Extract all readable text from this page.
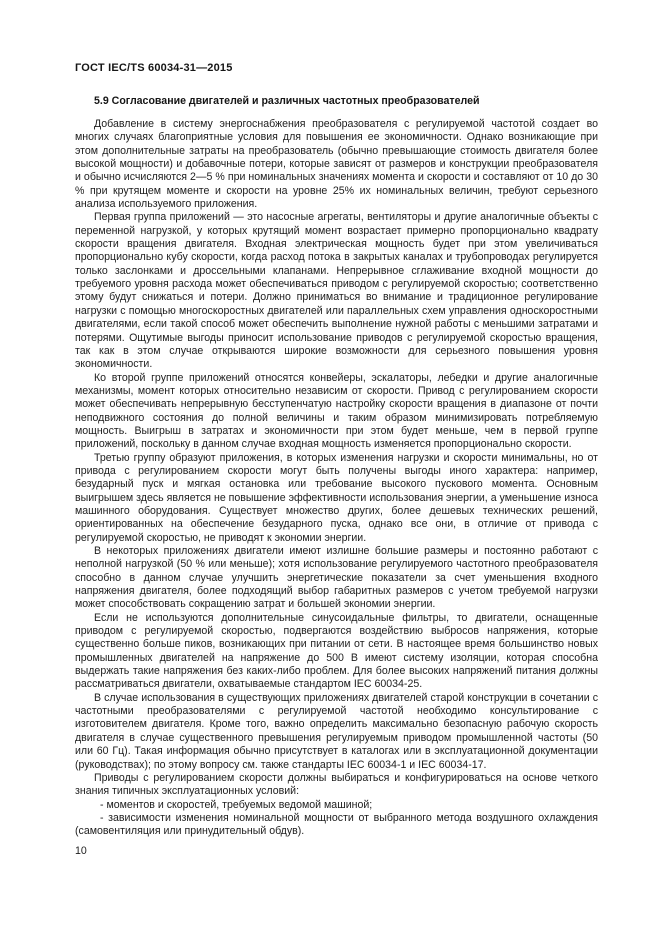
ГОСТ IEC/TS 60034-31—2015
5.9 Согласование двигателей и различных частотных преобразователей

Добавление в систему энергоснабжения преобразователя с регулируемой частотой создает во многих случаях благоприятные условия для повышения ее экономичности. Однако возникающие при этом дополнительные затраты на преобразователь (обычно превышающие стоимость двигателя более высокой мощности) и добавочные потери, которые зависят от размеров и конструкции преобразователя и обычно исчисляются 2—5 % при номинальных значениях момента и скорости и составляют от 10 до 30 % при крутящем моменте и скорости на уровне 25% их номинальных величин, требуют серьезного анализа используемого приложения.

Первая группа приложений — это насосные агрегаты, вентиляторы и другие аналогичные объекты с переменной нагрузкой, у которых крутящий момент возрастает примерно пропорционально квадрату скорости вращения двигателя. Входная электрическая мощность будет при этом увеличиваться пропорционально кубу скорости, когда расход потока в закрытых каналах и трубопроводах регулируется только заслонками и дроссельными клапанами. Непрерывное сглаживание входной мощности до требуемого уровня расхода может обеспечиваться приводом с регулируемой скоростью; соответственно этому будут снижаться и потери. Должно приниматься во внимание и традиционное регулирование нагрузки с помощью многоскоростных двигателей или параллельных схем управления односкоростными двигателями, если такой способ может обеспечить выполнение нужной работы с меньшими затратами и потерями. Ощутимые выгоды приносит использование приводов с регулируемой скоростью вращения, так как в этом случае открываются широкие возможности для серьезного повышения уровня экономичности.

Ко второй группе приложений относятся конвейеры, эскалаторы, лебедки и другие аналогичные механизмы, момент которых относительно независим от скорости. Привод с регулированием скорости может обеспечивать непрерывную бесступенчатую настройку скорости вращения в диапазоне от почти неподвижного состояния до полной величины и таким образом минимизировать потребляемую мощность. Выигрыш в затратах и экономичности при этом будет меньше, чем в первой группе приложений, поскольку в данном случае входная мощность изменяется пропорционально скорости.

Третью группу образуют приложения, в которых изменения нагрузки и скорости минимальны, но от привода с регулированием скорости могут быть получены выгоды иного характера: например, безударный пуск и мягкая остановка или требование высокого пускового момента. Основным выигрышем здесь является не повышение эффективности использования энергии, а уменьшение износа машинного оборудования. Существует множество других, более дешевых технических решений, ориентированных на обеспечение безударного пуска, однако все они, в отличие от привода с регулируемой скоростью, не приводят к экономии энергии.

В некоторых приложениях двигатели имеют излишне большие размеры и постоянно работают с неполной нагрузкой (50 % или меньше); хотя использование регулируемого частотного преобразователя способно в данном случае улучшить энергетические показатели за счет уменьшения входного напряжения двигателя, более подходящий выбор габаритных размеров с учетом требуемой нагрузки может способствовать сокращению затрат и большей экономии энергии.

Если не используются дополнительные синусоидальные фильтры, то двигатели, оснащенные приводом с регулируемой скоростью, подвергаются воздействию выбросов напряжения, которые существенно больше пиков, возникающих при питании от сети. В настоящее время большинство новых промышленных двигателей на напряжение до 500 В имеют систему изоляции, которая способна выдержать такие напряжения без каких-либо проблем. Для более высоких напряжений питания должны рассматриваться двигатели, охватываемые стандартом IEC 60034-25.

В случае использования в существующих приложениях двигателей старой конструкции в сочетании с частотными преобразователями с регулируемой частотой необходимо консультирование с изготовителем двигателя. Кроме того, важно определить максимально безопасную рабочую скорость двигателя в случае существенного превышения регулируемым приводом промышленной частоты (50 или 60 Гц). Такая информация обычно присутствует в каталогах или в эксплуатационной документации (руководствах); по этому вопросу см. также стандарты IEC 60034-1 и IEC 60034-17.

Приводы с регулированием скорости должны выбираться и конфигурироваться на основе четкого знания типичных эксплуатационных условий:

- моментов и скоростей, требуемых ведомой машиной;

- зависимости изменения номинальной мощности от выбранного метода воздушного охлаждения (самовентиляция или принудительный обдув).

10
